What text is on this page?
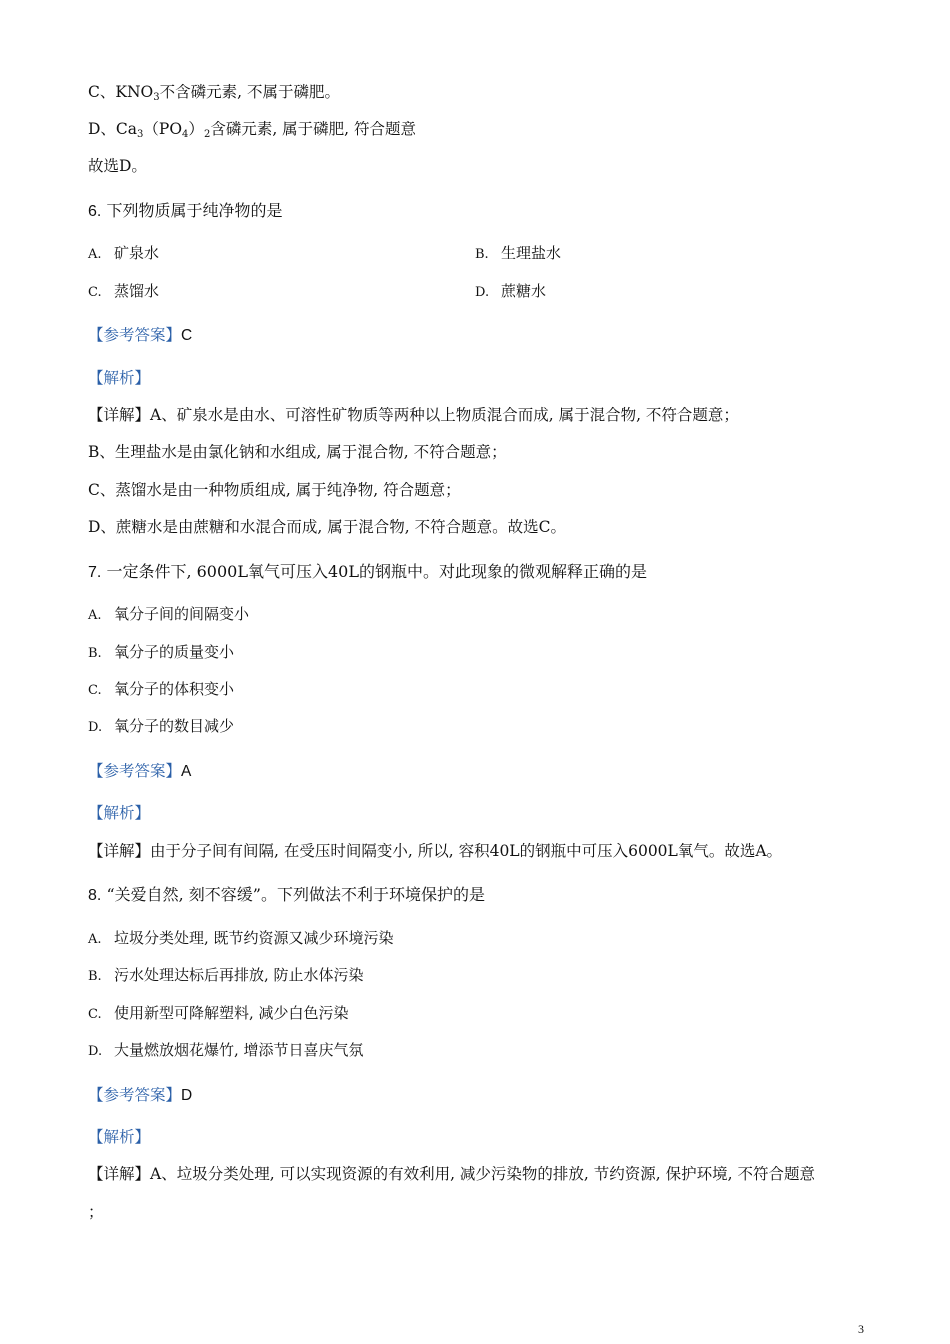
C、$KNO_3$不含磷元素, 不属于磷肥。
D、$Ca_3(PO_4)_2$含磷元素, 属于磷肥, 符合题意
故选D。
6. 下列物质属于纯净物的是
A. 矿泉水	B. 生理盐水
C. 蒸馏水	D. 蔗糖水
【参考答案】C
【解析】
【详解】A、矿泉水是由水、可溶性矿物质等两种以上物质混合而成, 属于混合物, 不符合题意；
B、生理盐水是由氯化钠和水组成, 属于混合物, 不符合题意；
C、蒸馏水是由一种物质组成, 属于纯净物, 符合题意；
D、蔗糖水是由蔗糖和水混合而成, 属于混合物, 不符合题意。故选C。
7. 一定条件下, 6000L氧气可压入40L的钢瓶中。对此现象的微观解释正确的是
A. 氧分子间的间隔变小
B. 氧分子的质量变小
C. 氧分子的体积变小
D. 氧分子的数目减少
【参考答案】A
【解析】
【详解】由于分子间有间隔, 在受压时间隔变小, 所以, 容积40L的钢瓶中可压入6000L氧气。故选A。
8. “关爱自然, 刻不容缓”。下列做法不利于环境保护的是
A. 垃圾分类处理, 既节约资源又减少环境污染
B. 污水处理达标后再排放, 防止水体污染
C. 使用新型可降解塑料, 减少白色污染
D. 大量燃放烟花爆竹, 增添节日喜庆气氛
【参考答案】D
【解析】
【详解】A、垃圾分类处理, 可以实现资源的有效利用, 减少污染物的排放, 节约资源, 保护环境, 不符合题意
；
3
